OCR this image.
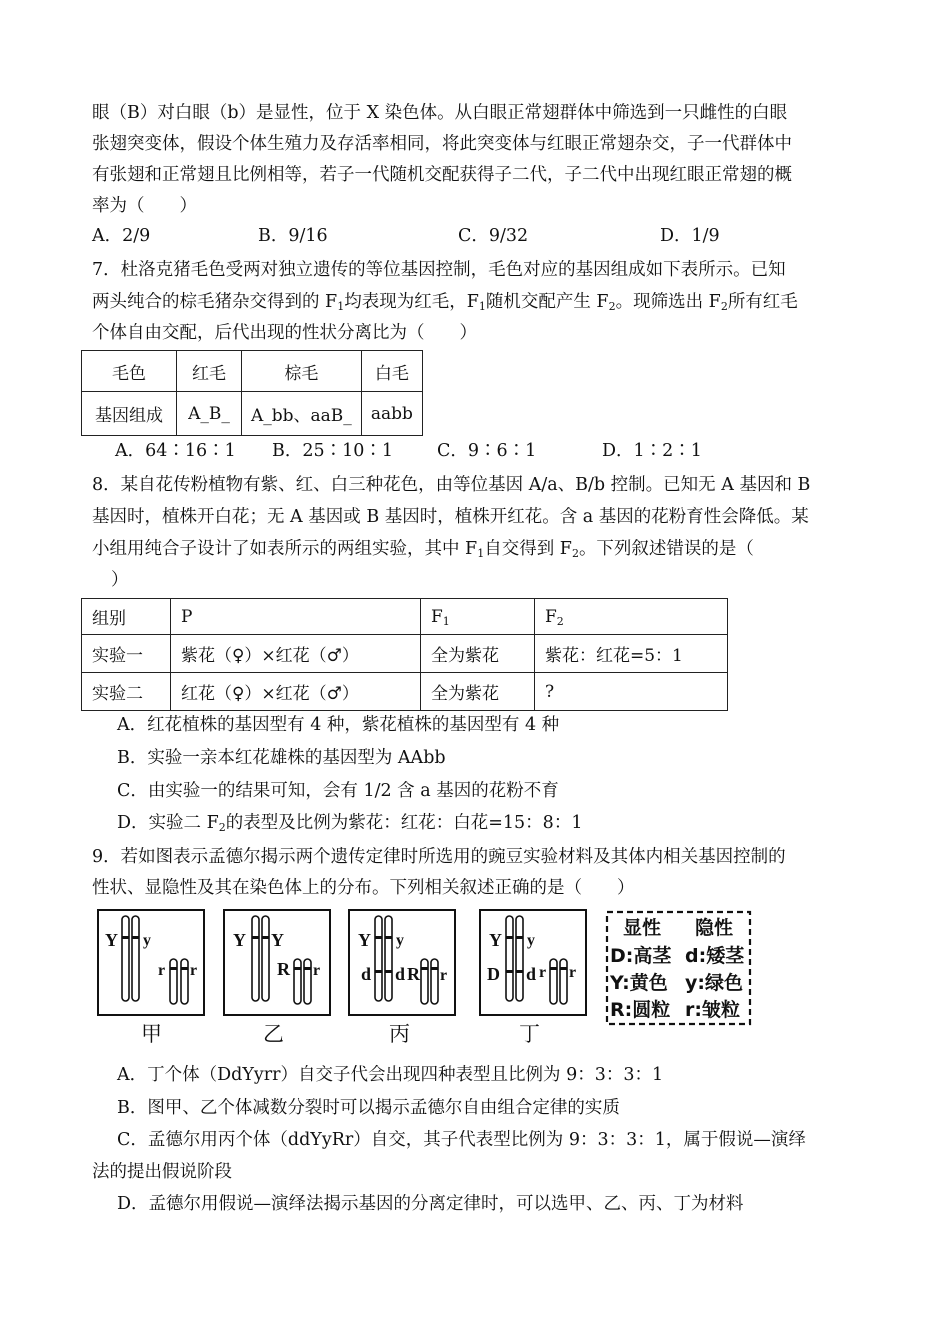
眼（B）对白眼（b）是显性，位于 X 染色体。从白眼正常翅群体中筛选到一只雌性的白眼
张翅突变体，假设个体生殖力及存活率相同，将此突变体与红眼正常翅杂交，子一代群体中
有张翅和正常翅且比例相等，若子一代随机交配获得子二代，子二代中出现红眼正常翅的概
率为（　　）
A．2/9	B．9/16	C．9/32	D．1/9
7．杜洛克猪毛色受两对独立遗传的等位基因控制，毛色对应的基因组成如下表所示。已知
两头纯合的棕毛猪杂交得到的 $F_1$均表现为红毛，$F_1$随机交配产生 $F_2$。现筛选出 $F_2$所有红毛
个体自由交配，后代出现的性状分离比为（　　）
毛色	红毛	棕毛	白毛
基因组成	A_B_	A_bb、aaB_	aabb
A．64∶16∶1 B．25∶10∶1	C．9∶6∶1	D．1∶2∶1
8．某自花传粉植物有紫、红、白三种花色，由等位基因 A/a、B/b 控制。已知无 A 基因和 B
基因时，植株开白花；无 A 基因或 B 基因时，植株开红花。含 a 基因的花粉育性会降低。某
小组用纯合子设计了如表所示的两组实验，其中 $F_1$自交得到 $F_2$。下列叙述错误的是（
）
组别	P	$F_1$	$F_2$
实验一	紫花（♀）×红花（♂）	全为紫花	紫花：红花=5：1
实验二	红花（♀）×红花（♂）	全为紫花	?
A．红花植株的基因型有 4 种，紫花植株的基因型有 4 种
B．实验一亲本红花雄株的基因型为 AAbb
C．由实验一的结果可知，会有 1/2 含 a 基因的花粉不育
D．实验二 $F_2$的表型及比例为紫花：红花：白花=15：8：1
9．若如图表示孟德尔揭示两个遗传定律时所选用的豌豆实验材料及其体内相关基因控制的
性状、显隐性及其在染色体上的分布。下列相关叙述正确的是（　　）
Y y
r r
Y Y
R r
Y y
d d R r
Y y
D d r r
甲	乙	丙	丁
显性 隐性
D:高茎 d:矮茎
Y:黄色 y:绿色
R:圆粒 r:皱粒
A．丁个体（DdYyrr）自交子代会出现四种表型且比例为 9：3：3：1
B．图甲、乙个体减数分裂时可以揭示孟德尔自由组合定律的实质
C．孟德尔用丙个体（ddYyRr）自交，其子代表型比例为 9：3：3：1，属于假说—演绎
法的提出假说阶段
D．孟德尔用假说—演绎法揭示基因的分离定律时，可以选甲、乙、丙、丁为材料
